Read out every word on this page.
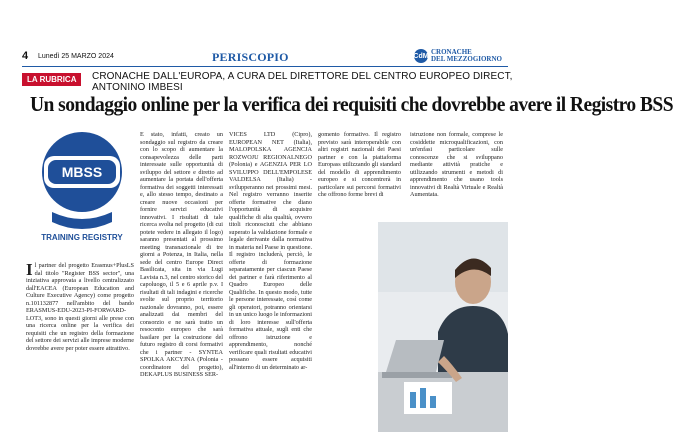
4 Lunedì 25 MARZO 2024	PERISCOPIO	CdM CRONACHE
DEL MEZZOGIORNO
LA RUBRICA	CRONACHE DALL'EUROPA, A CURA DEL DIRETTORE DEL CENTRO EUROPEO DIRECT, ANTONINO IMBESI
Un sondaggio online per la verifica dei requisiti che dovrebbe avere il Registro BSS
MBSS
TRAINING REGISTRY
Il partner del progetto Erasmus+PlusLS dal titolo "Register BSS sector", una iniziativa approvata a livello centralizzato dall'EACEA (European Education and Culture Executive Agency) come progetto n.101132877 nell'ambito del bando ERASMUS-EDU-2023-PI-FORWARD-LOT3, sono in questi giorni alle prese con una ricerca online per la verifica dei requisiti che un registro della formazione del settore dei servizi alle imprese moderne dovrebbe avere per poter essere attrattivo.
E stato, infatti, creato un sondaggio sul registro da creare con lo scopo di aumentare la consapevolezza delle parti interessate sulle opportunità di sviluppo del settore e diretto ad aumentare la portata dell'offerta formativa dei soggetti interessati e, allo stesso tempo, destinato a creare nuove occasioni per fornire servizi educativi innovativi. I risultati di tale ricerca svolta nel progetto (di cui potete vedere in allegato il logo) saranno presentati al prossimo meeting transnazionale di tre giorni a Potenza, in Italia, nella sede del centro Europe Direct Basilicata, sita in via Lugi Lavista n.3, nel centro storico del capoluogo, il 5 e 6 aprile p.v. I risultati di tali indagini e ricerche svolte sul proprio territorio nazionale dovranno, poi, essere analizzati dai membri del consorzio e ne sarà tratto un resoconto europeo che sarà basilare per la costruzione del futuro registro di corsi formativi che i partner - SYNTEA SPOLKA AKCYJNA (Polonia - coordinatore del progetto), DEKAPLUS BUSINESS SER-
VICES LTD (Cipro), EUROPEAN NET (Italia), MALOPOLSKA AGENCJA ROZWOJU REGIONALNEGO (Polonia) e AGENZIA PER LO SVILUPPO DELL'EMPOLESE VALDELSA (Italia) - svilupperanno nei prossimi mesi. Nel registro verranno inserite offerte formative che diano l'opportunità di acquisire qualifiche di alta qualità, ovvero titoli riconosciuti che abbiano superato la validazione formale e legale derivante dalla normativa in materia nel Paese in questione. Il registro includerà, perciò, le offerte di formazione separatamente per ciascun Paese dei partner e farà riferimento al Quadro Europeo delle Qualifiche. In questo modo, tutte le persone interessate, così come gli operatori, potranno orientarsi in un unico luogo le informazioni di loro interesse sull'offerta formativa attuale, sugli enti che offrono istruzione e apprendimento, nonché verificare quali risultati educativi possano essere acquisiti all'interno di un determinato ar-
gomento formativo. Il registro previsto sarà interoperabile con altri registri nazionali dei Paesi partner e con la piattaforma Europass utilizzando gli standard del modello di apprendimento europeo e si concentrerà in particolare sui percorsi formativi che offrono forme brevi di
istruzione non formale, comprese le cosiddette microqualificazioni, con un'enfasi particolare sulle conoscenze che si sviluppano mediante attività pratiche e utilizzando strumenti e metodi di apprendimento che usano tools innovativi di Realtà Virtuale e Realtà Aumentata.
